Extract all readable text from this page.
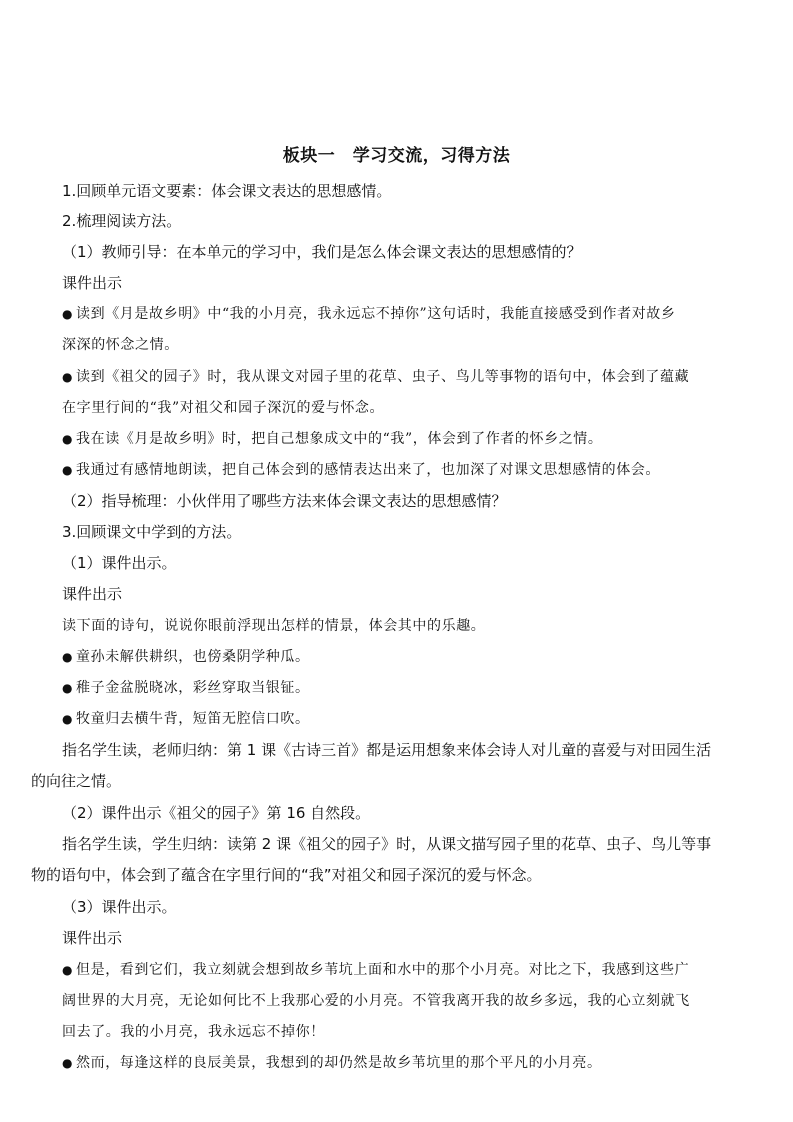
板块一　学习交流，习得方法
1.回顾单元语文要素：体会课文表达的思想感情。
2.梳理阅读方法。
（1）教师引导：在本单元的学习中，我们是怎么体会课文表达的思想感情的？
课件出示
● 读到《月是故乡明》中“我的小月亮，我永远忘不掉你”这句话时，我能直接感受到作者对故乡
深深的怀念之情。
● 读到《祖父的园子》时，我从课文对园子里的花草、虫子、鸟儿等事物的语句中，体会到了蕴藏
在字里行间的“我”对祖父和园子深沉的爱与怀念。
● 我在读《月是故乡明》时，把自己想象成文中的“我”，体会到了作者的怀乡之情。
● 我通过有感情地朗读，把自己体会到的感情表达出来了，也加深了对课文思想感情的体会。
（2）指导梳理：小伙伴用了哪些方法来体会课文表达的思想感情？
3.回顾课文中学到的方法。
（1）课件出示。
课件出示
读下面的诗句，说说你眼前浮现出怎样的情景，体会其中的乐趣。
● 童孙未解供耕织，也傍桑阴学种瓜。
● 稚子金盆脱晓冰，彩丝穿取当银钲。
● 牧童归去横牛背，短笛无腔信口吹。
指名学生读，老师归纳：第 1 课《古诗三首》都是运用想象来体会诗人对儿童的喜爱与对田园生活
的向往之情。
（2）课件出示《祖父的园子》第 16 自然段。
指名学生读，学生归纳：读第 2 课《祖父的园子》时，从课文描写园子里的花草、虫子、鸟儿等事
物的语句中，体会到了蕴含在字里行间的“我”对祖父和园子深沉的爱与怀念。
（3）课件出示。
课件出示
● 但是，看到它们，我立刻就会想到故乡苇坑上面和水中的那个小月亮。对比之下，我感到这些广
阔世界的大月亮，无论如何比不上我那心爱的小月亮。不管我离开我的故乡多远，我的心立刻就飞
回去了。我的小月亮，我永远忘不掉你！
● 然而，每逢这样的良辰美景，我想到的却仍然是故乡苇坑里的那个平凡的小月亮。
